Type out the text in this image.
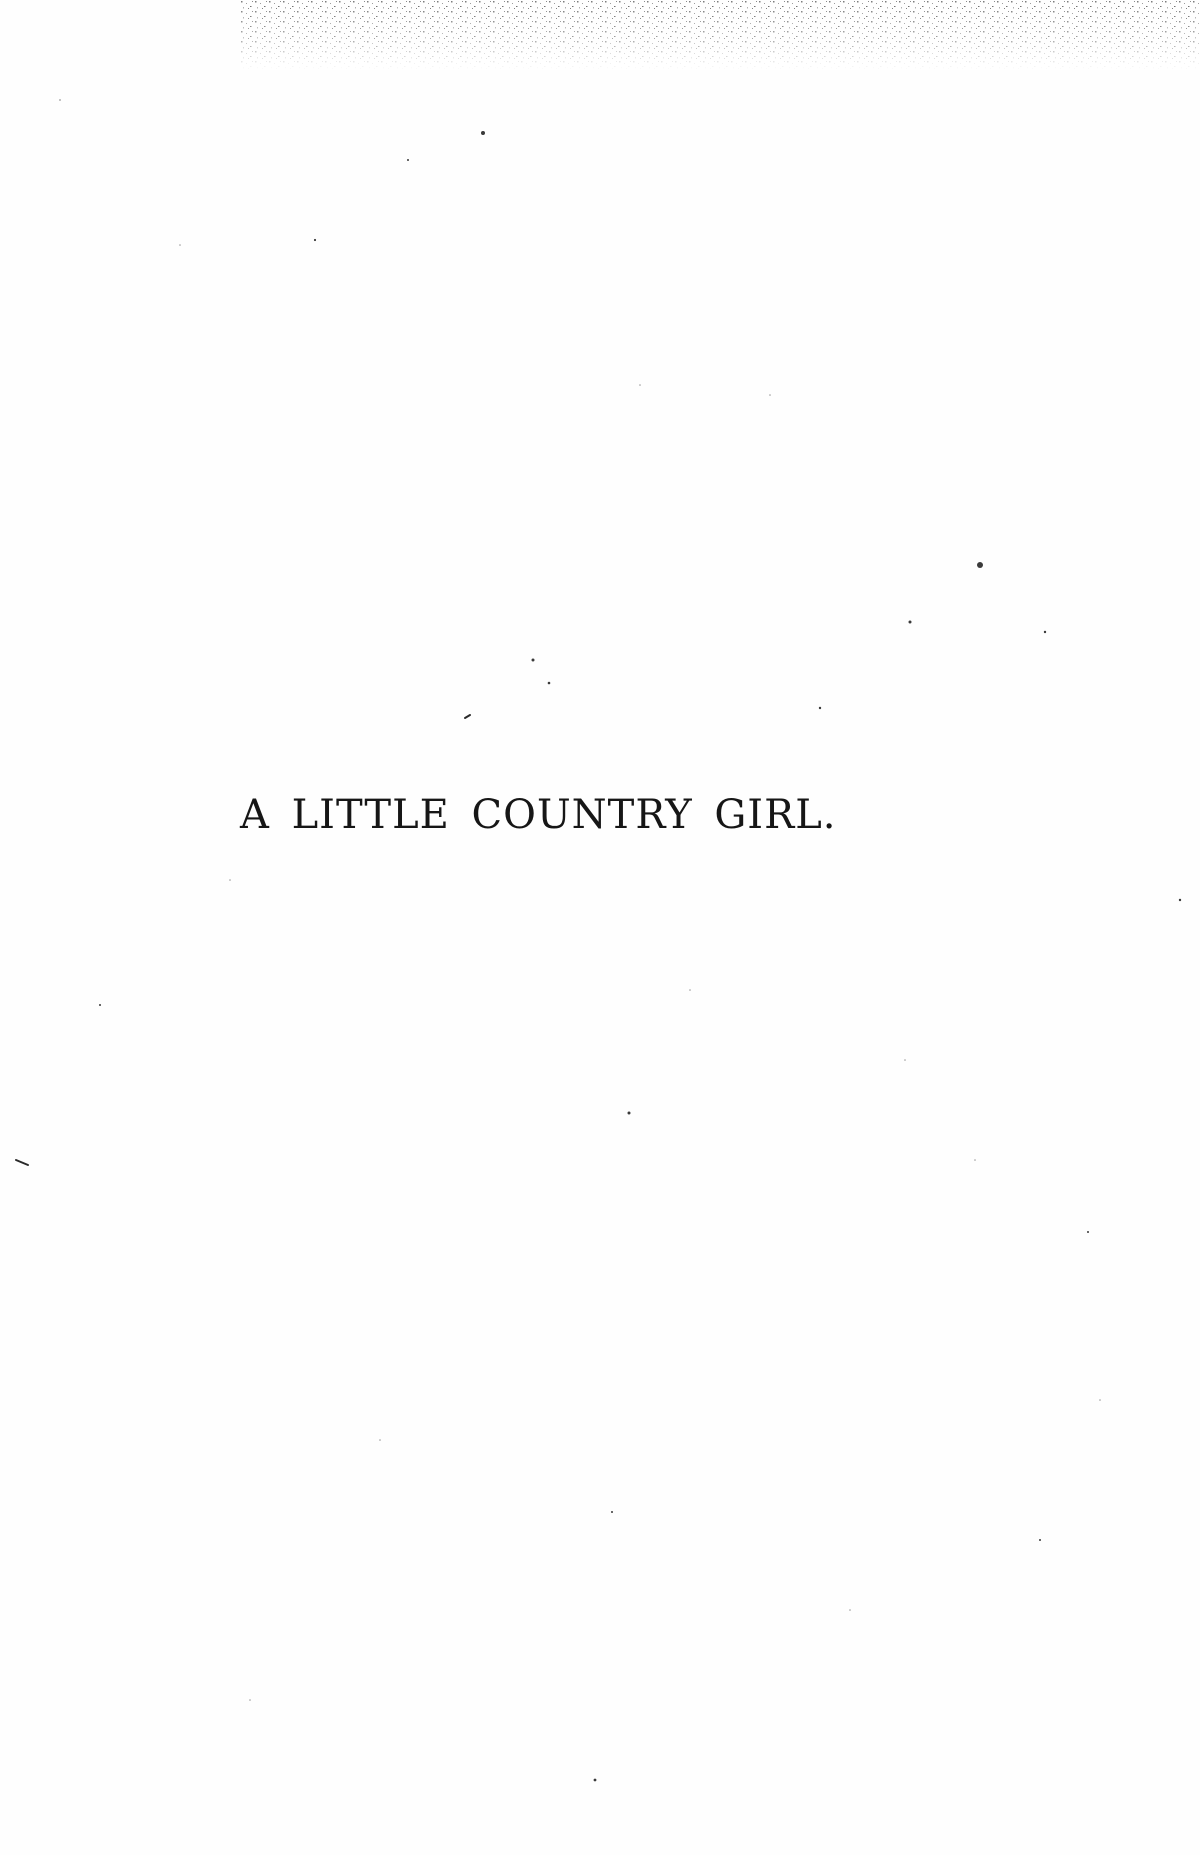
A LITTLE COUNTRY GIRL.
